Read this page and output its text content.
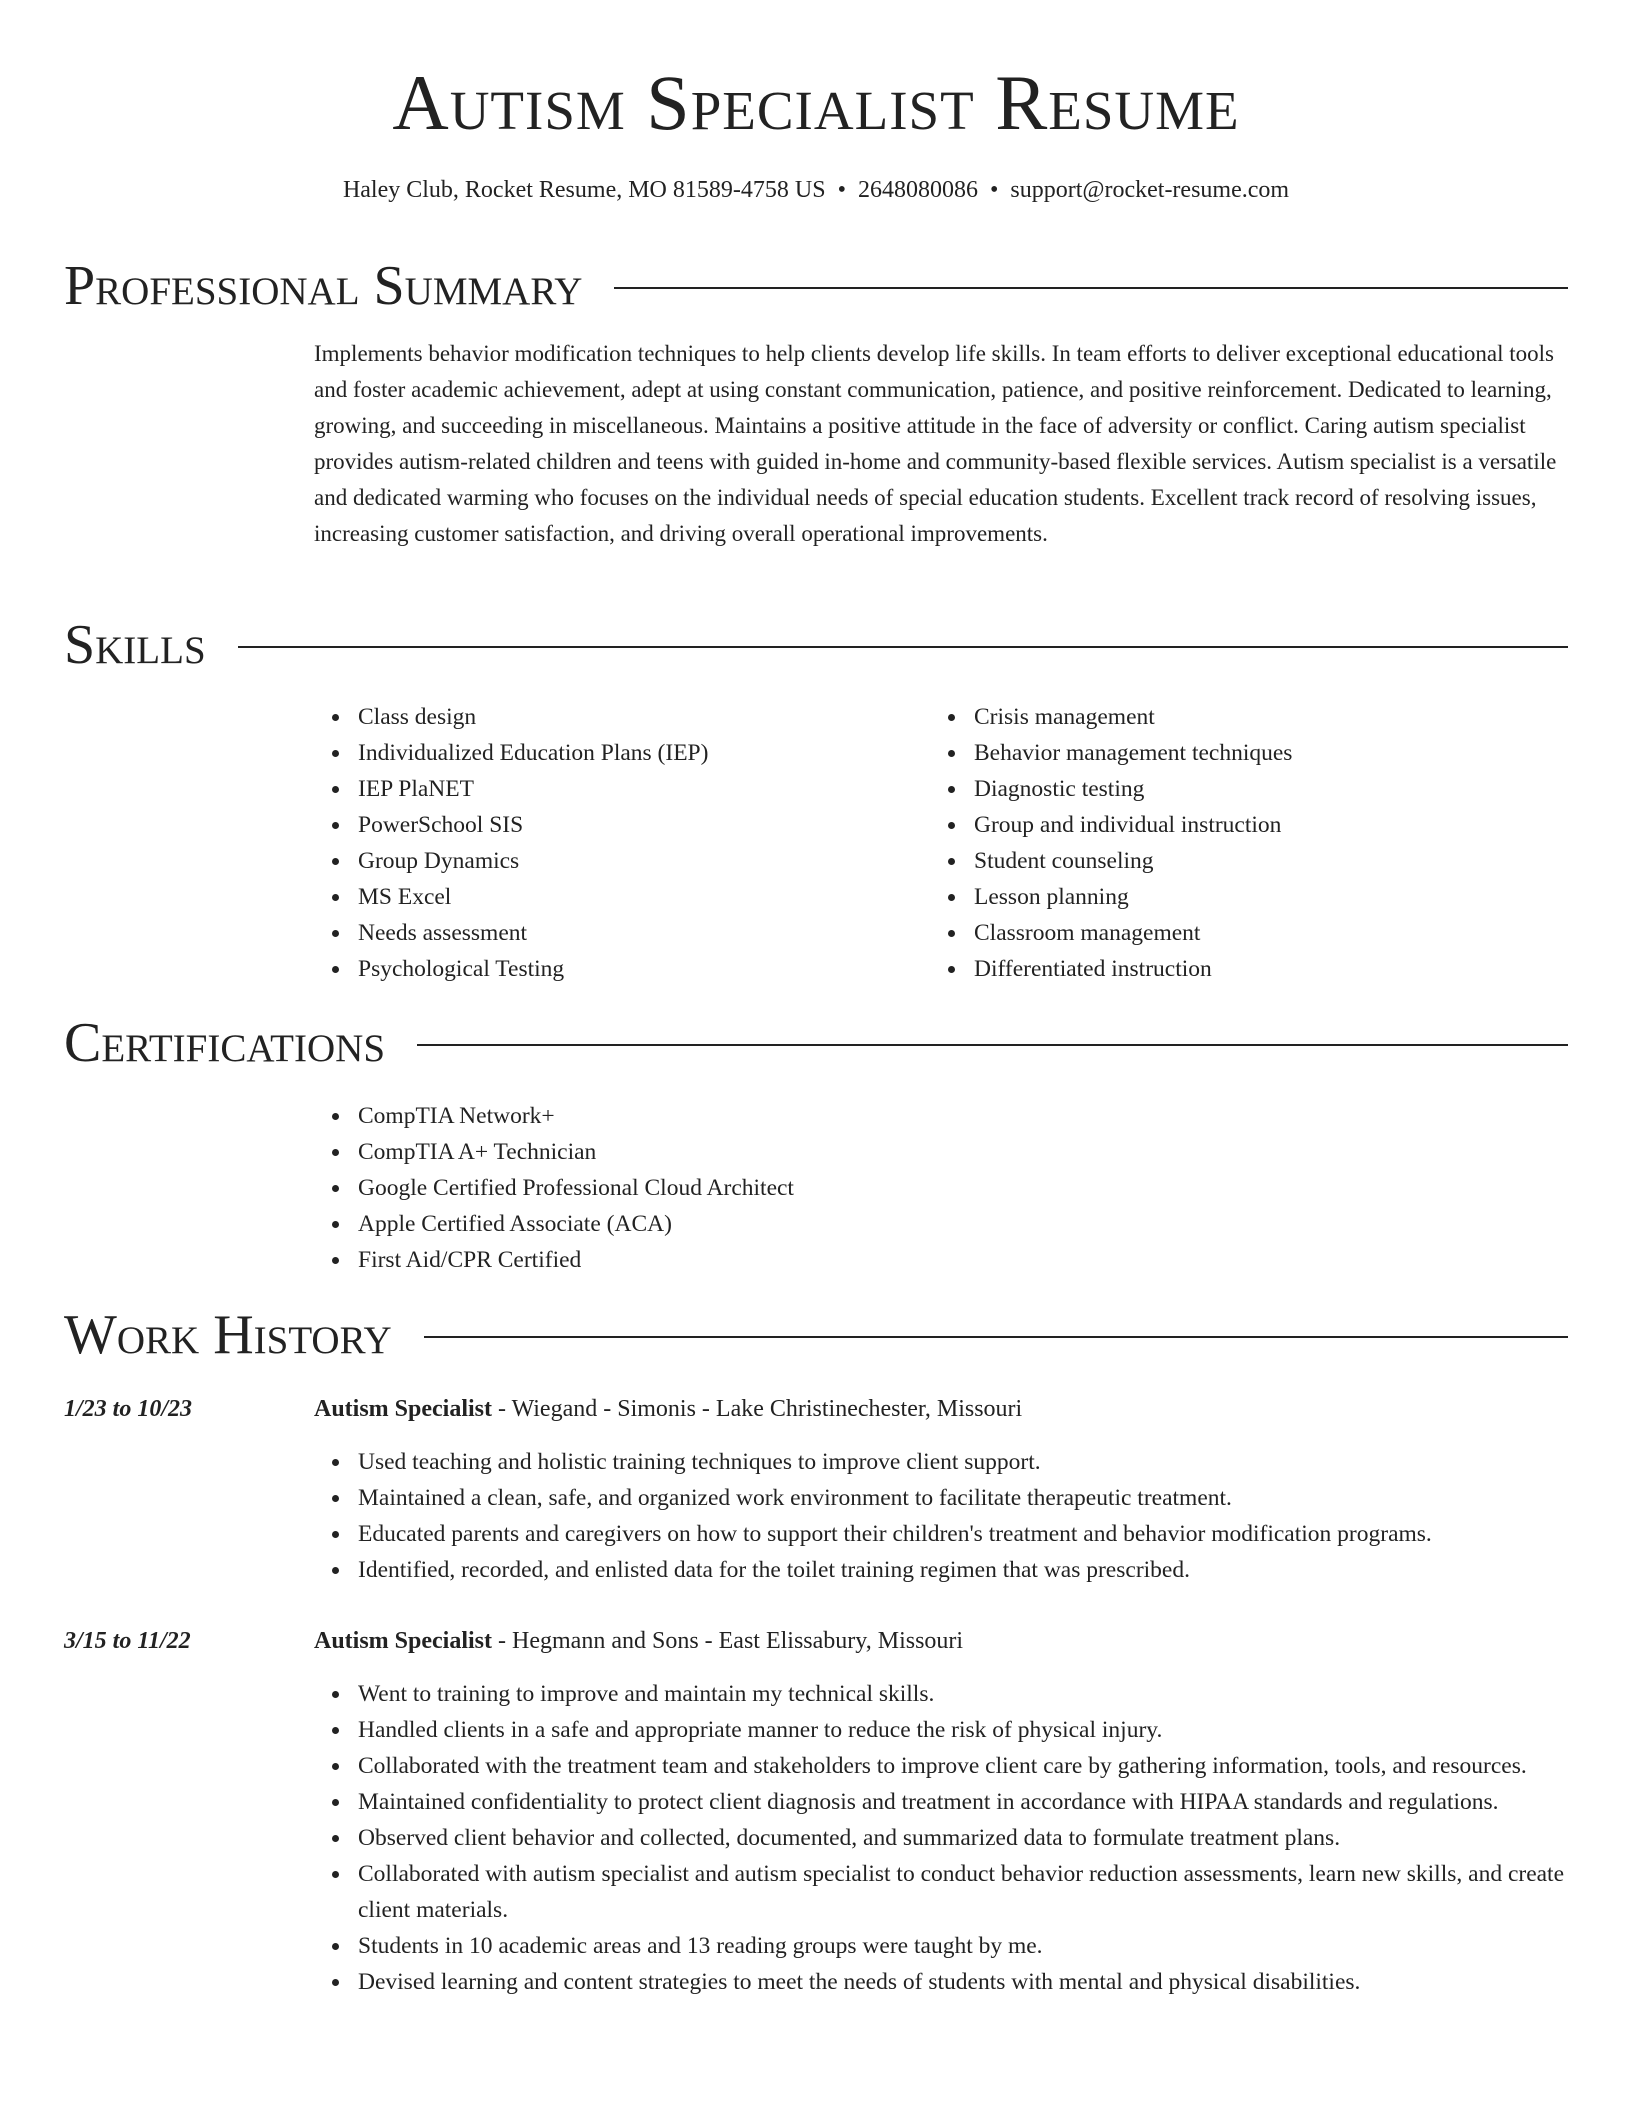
Autism Specialist Resume
Haley Club, Rocket Resume, MO 81589-4758 US • 2648080086 • support@rocket-resume.com
Professional Summary
Implements behavior modification techniques to help clients develop life skills. In team efforts to deliver exceptional educational tools and foster academic achievement, adept at using constant communication, patience, and positive reinforcement. Dedicated to learning, growing, and succeeding in miscellaneous. Maintains a positive attitude in the face of adversity or conflict. Caring autism specialist provides autism-related children and teens with guided in-home and community-based flexible services. Autism specialist is a versatile and dedicated warming who focuses on the individual needs of special education students. Excellent track record of resolving issues, increasing customer satisfaction, and driving overall operational improvements.
Skills
Class design
Individualized Education Plans (IEP)
IEP PlaNET
PowerSchool SIS
Group Dynamics
MS Excel
Needs assessment
Psychological Testing
Crisis management
Behavior management techniques
Diagnostic testing
Group and individual instruction
Student counseling
Lesson planning
Classroom management
Differentiated instruction
Certifications
CompTIA Network+
CompTIA A+ Technician
Google Certified Professional Cloud Architect
Apple Certified Associate (ACA)
First Aid/CPR Certified
Work History
1/23 to 10/23	Autism Specialist - Wiegand - Simonis - Lake Christinechester, Missouri
Used teaching and holistic training techniques to improve client support.
Maintained a clean, safe, and organized work environment to facilitate therapeutic treatment.
Educated parents and caregivers on how to support their children's treatment and behavior modification programs.
Identified, recorded, and enlisted data for the toilet training regimen that was prescribed.
3/15 to 11/22	Autism Specialist - Hegmann and Sons - East Elissabury, Missouri
Went to training to improve and maintain my technical skills.
Handled clients in a safe and appropriate manner to reduce the risk of physical injury.
Collaborated with the treatment team and stakeholders to improve client care by gathering information, tools, and resources.
Maintained confidentiality to protect client diagnosis and treatment in accordance with HIPAA standards and regulations.
Observed client behavior and collected, documented, and summarized data to formulate treatment plans.
Collaborated with autism specialist and autism specialist to conduct behavior reduction assessments, learn new skills, and create client materials.
Students in 10 academic areas and 13 reading groups were taught by me.
Devised learning and content strategies to meet the needs of students with mental and physical disabilities.
